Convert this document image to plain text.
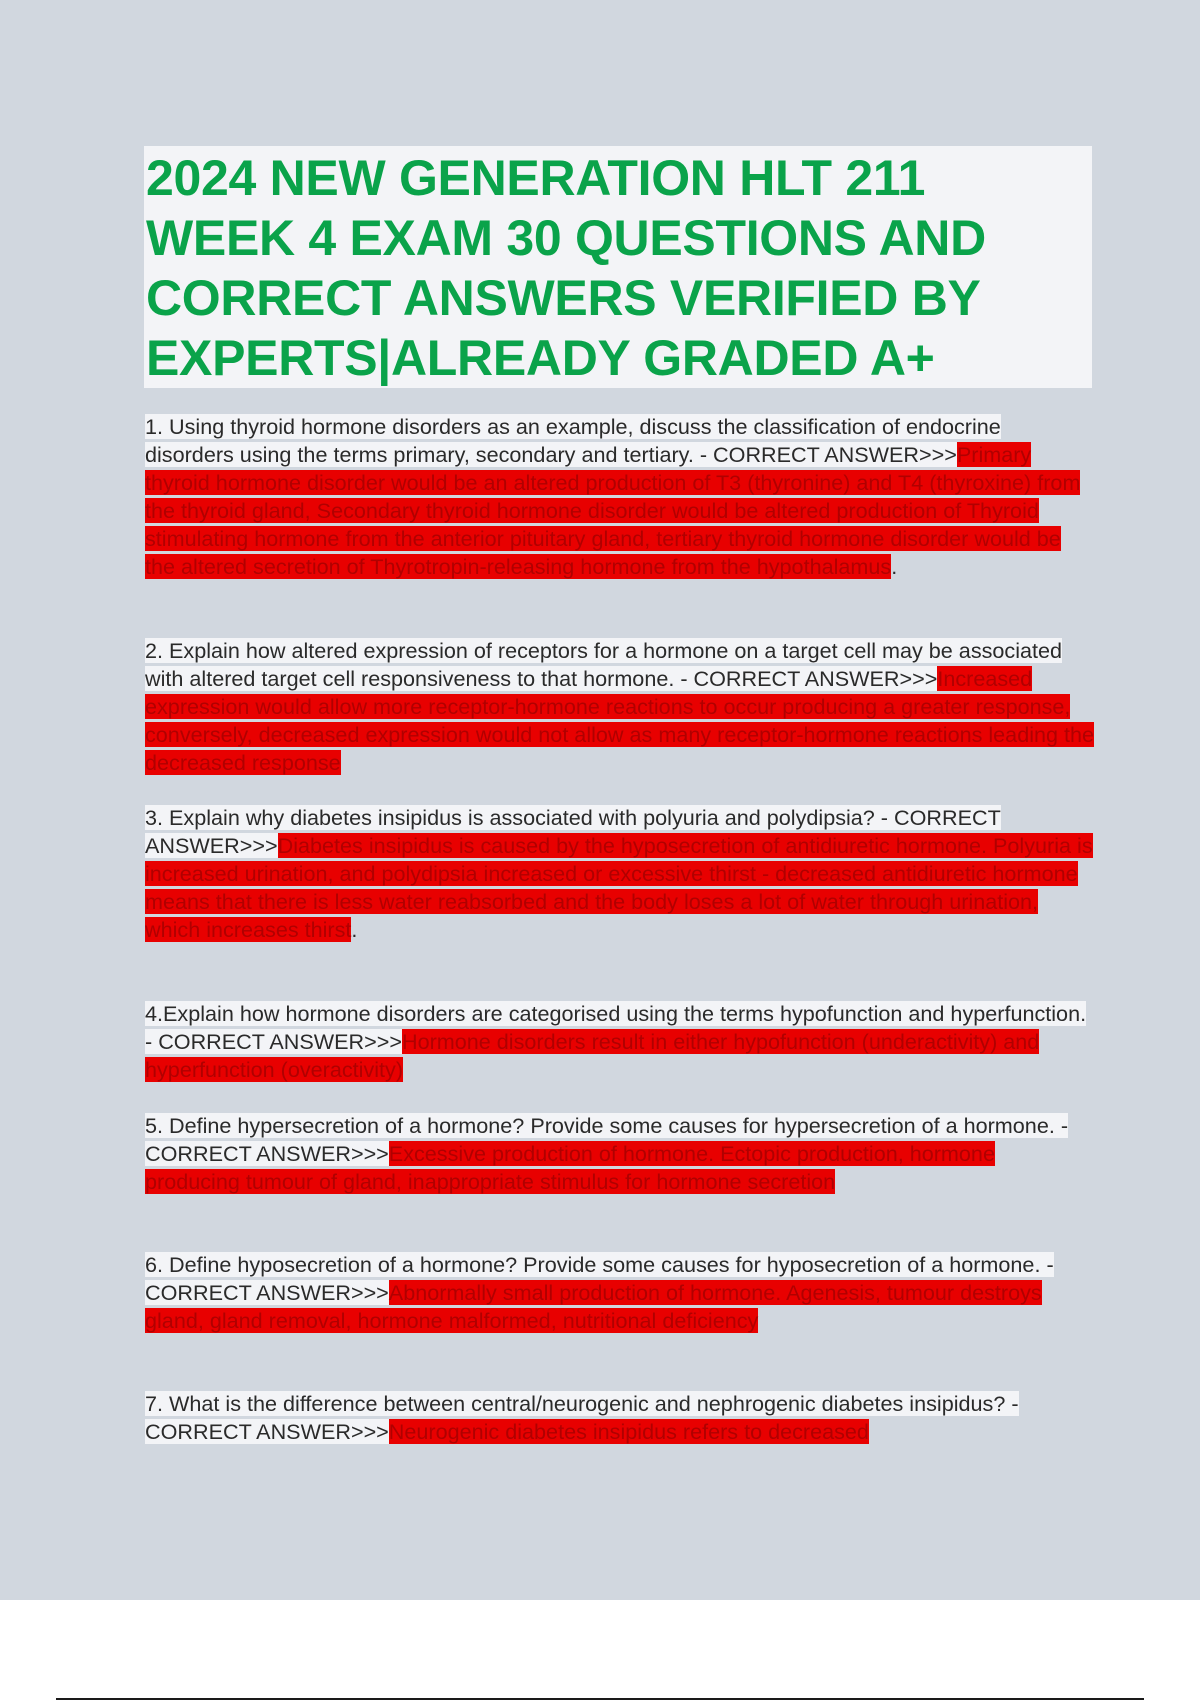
2024 NEW GENERATION HLT 211 WEEK 4 EXAM 30 QUESTIONS AND CORRECT ANSWERS VERIFIED BY EXPERTS|ALREADY GRADED A+

1. Using thyroid hormone disorders as an example, discuss the classification of endocrine disorders using the terms primary, secondary and tertiary. - CORRECT ANSWER>>>Primary thyroid hormone disorder would be an altered production of T3 (thyronine) and T4 (thyroxine) from the thyroid gland, Secondary thyroid hormone disorder would be altered production of Thyroid stimulating hormone from the anterior pituitary gland, tertiary thyroid hormone disorder would be the altered secretion of Thyrotropin-releasing hormone from the hypothalamus.

2. Explain how altered expression of receptors for a hormone on a target cell may be associated with altered target cell responsiveness to that hormone. - CORRECT ANSWER>>>Increased expression would allow more receptor-hormone reactions to occur producing a greater response, conversely, decreased expression would not allow as many receptor-hormone reactions leading the decreased response

3. Explain why diabetes insipidus is associated with polyuria and polydipsia? - CORRECT ANSWER>>>Diabetes insipidus is caused by the hyposecretion of antidiuretic hormone. Polyuria is increased urination, and polydipsia increased or excessive thirst - decreased antidiuretic hormone means that there is less water reabsorbed and the body loses a lot of water through urination, which increases thirst.

4.Explain how hormone disorders are categorised using the terms hypofunction and hyperfunction. - CORRECT ANSWER>>>Hormone disorders result in either hypofunction (underactivity) and hyperfunction (overactivity)

5. Define hypersecretion of a hormone? Provide some causes for hypersecretion of a hormone. - CORRECT ANSWER>>>Excessive production of hormone. Ectopic production, hormone producing tumour of gland, inappropriate stimulus for hormone secretion

6. Define hyposecretion of a hormone? Provide some causes for hyposecretion of a hormone. - CORRECT ANSWER>>>Abnormally small production of hormone. Agenesis, tumour destroys gland, gland removal, hormone malformed, nutritional deficiency

7. What is the difference between central/neurogenic and nephrogenic diabetes insipidus? - CORRECT ANSWER>>>Neurogenic diabetes insipidus refers to decreased
